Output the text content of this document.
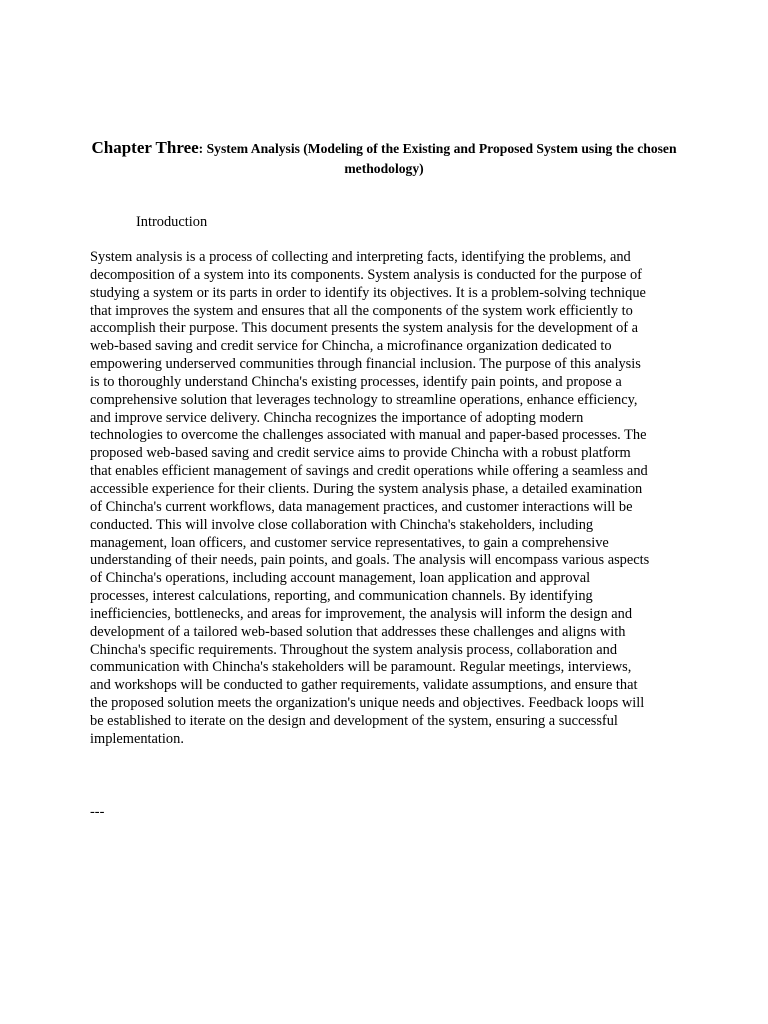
Chapter Three: System Analysis (Modeling of the Existing and Proposed System using the chosen methodology)
Introduction
System analysis is a process of collecting and interpreting facts, identifying the problems, and
decomposition of a system into its components. System analysis is conducted for the purpose of
studying a system or its parts in order to identify its objectives. It is a problem-solving technique
that improves the system and ensures that all the components of the system work efficiently to
accomplish their purpose. This document presents the system analysis for the development of a
web-based saving and credit service for Chincha, a microfinance organization dedicated to
empowering underserved communities through financial inclusion. The purpose of this analysis
is to thoroughly understand Chincha's existing processes, identify pain points, and propose a
comprehensive solution that leverages technology to streamline operations, enhance efficiency,
and improve service delivery. Chincha recognizes the importance of adopting modern
technologies to overcome the challenges associated with manual and paper-based processes. The
proposed web-based saving and credit service aims to provide Chincha with a robust platform
that enables efficient management of savings and credit operations while offering a seamless and
accessible experience for their clients. During the system analysis phase, a detailed examination
of Chincha's current workflows, data management practices, and customer interactions will be
conducted. This will involve close collaboration with Chincha's stakeholders, including
management, loan officers, and customer service representatives, to gain a comprehensive
understanding of their needs, pain points, and goals. The analysis will encompass various aspects
of Chincha's operations, including account management, loan application and approval
processes, interest calculations, reporting, and communication channels. By identifying
inefficiencies, bottlenecks, and areas for improvement, the analysis will inform the design and
development of a tailored web-based solution that addresses these challenges and aligns with
Chincha's specific requirements. Throughout the system analysis process, collaboration and
communication with Chincha's stakeholders will be paramount. Regular meetings, interviews,
and workshops will be conducted to gather requirements, validate assumptions, and ensure that
the proposed solution meets the organization's unique needs and objectives. Feedback loops will
be established to iterate on the design and development of the system, ensuring a successful
implementation.
---
